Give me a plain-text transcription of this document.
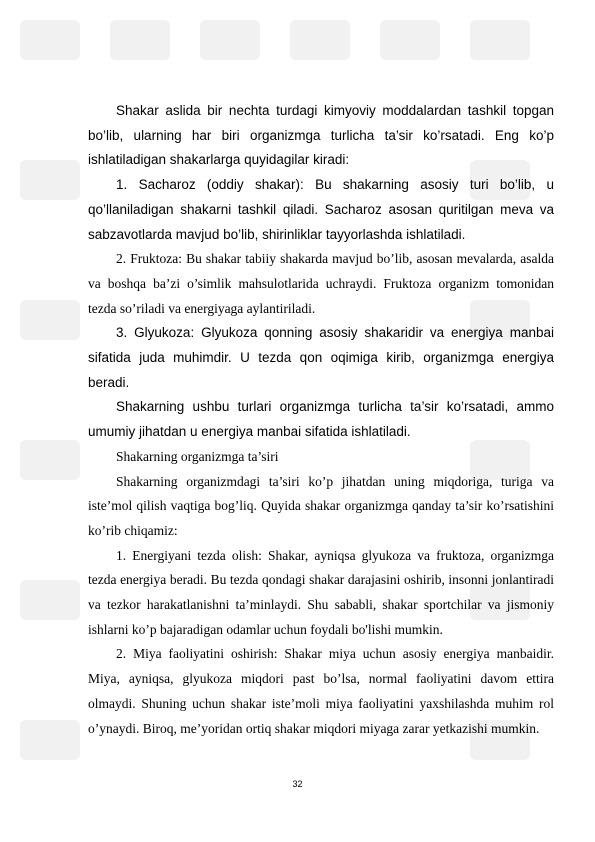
Shakar aslida bir nechta turdagi kimyoviy moddalardan tashkil topgan bo’lib, ularning har biri organizmga turlicha ta’sir ko’rsatadi. Eng ko’p ishlatiladigan shakarlarga quyidagilar kiradi:

1. Sacharoz (oddiy shakar): Bu shakarning asosiy turi bo’lib, u qo’llaniladigan shakarni tashkil qiladi. Sacharoz asosan quritilgan meva va sabzavotlarda mavjud bo’lib, shirinliklar tayyorlashda ishlatiladi.

2. Fruktoza: Bu shakar tabiiy shakarda mavjud bo’lib, asosan mevalarda, asalda va boshqa ba’zi o’simlik mahsulotlarida uchraydi. Fruktoza organizm tomonidan tezda so’riladi va energiyaga aylantiriladi.

3. Glyukoza: Glyukoza qonning asosiy shakaridir va energiya manbai sifatida juda muhimdir. U tezda qon oqimiga kirib, organizmga energiya beradi.

Shakarning ushbu turlari organizmga turlicha ta’sir ko’rsatadi, ammo umumiy jihatdan u energiya manbai sifatida ishlatiladi.

Shakarning organizmga ta’siri

Shakarning organizmdagi ta’siri ko’p jihatdan uning miqdoriga, turiga va iste’mol qilish vaqtiga bog’liq. Quyida shakar organizmga qanday ta’sir ko’rsatishini ko’rib chiqamiz:

1. Energiyani tezda olish: Shakar, ayniqsa glyukoza va fruktoza, organizmga tezda energiya beradi. Bu tezda qondagi shakar darajasini oshirib, insonni jonlantiradi va tezkor harakatlanishni ta’minlaydi. Shu sababli, shakar sportchilar va jismoniy ishlarni ko’p bajaradigan odamlar uchun foydali bo'lishi mumkin.

2. Miya faoliyatini oshirish: Shakar miya uchun asosiy energiya manbaidir. Miya, ayniqsa, glyukoza miqdori past bo’lsa, normal faoliyatini davom ettira olmaydi. Shuning uchun shakar iste’moli miya faoliyatini yaxshilashda muhim rol o’ynaydi. Biroq, me’yoridan ortiq shakar miqdori miyaga zarar yetkazishi mumkin.

32
